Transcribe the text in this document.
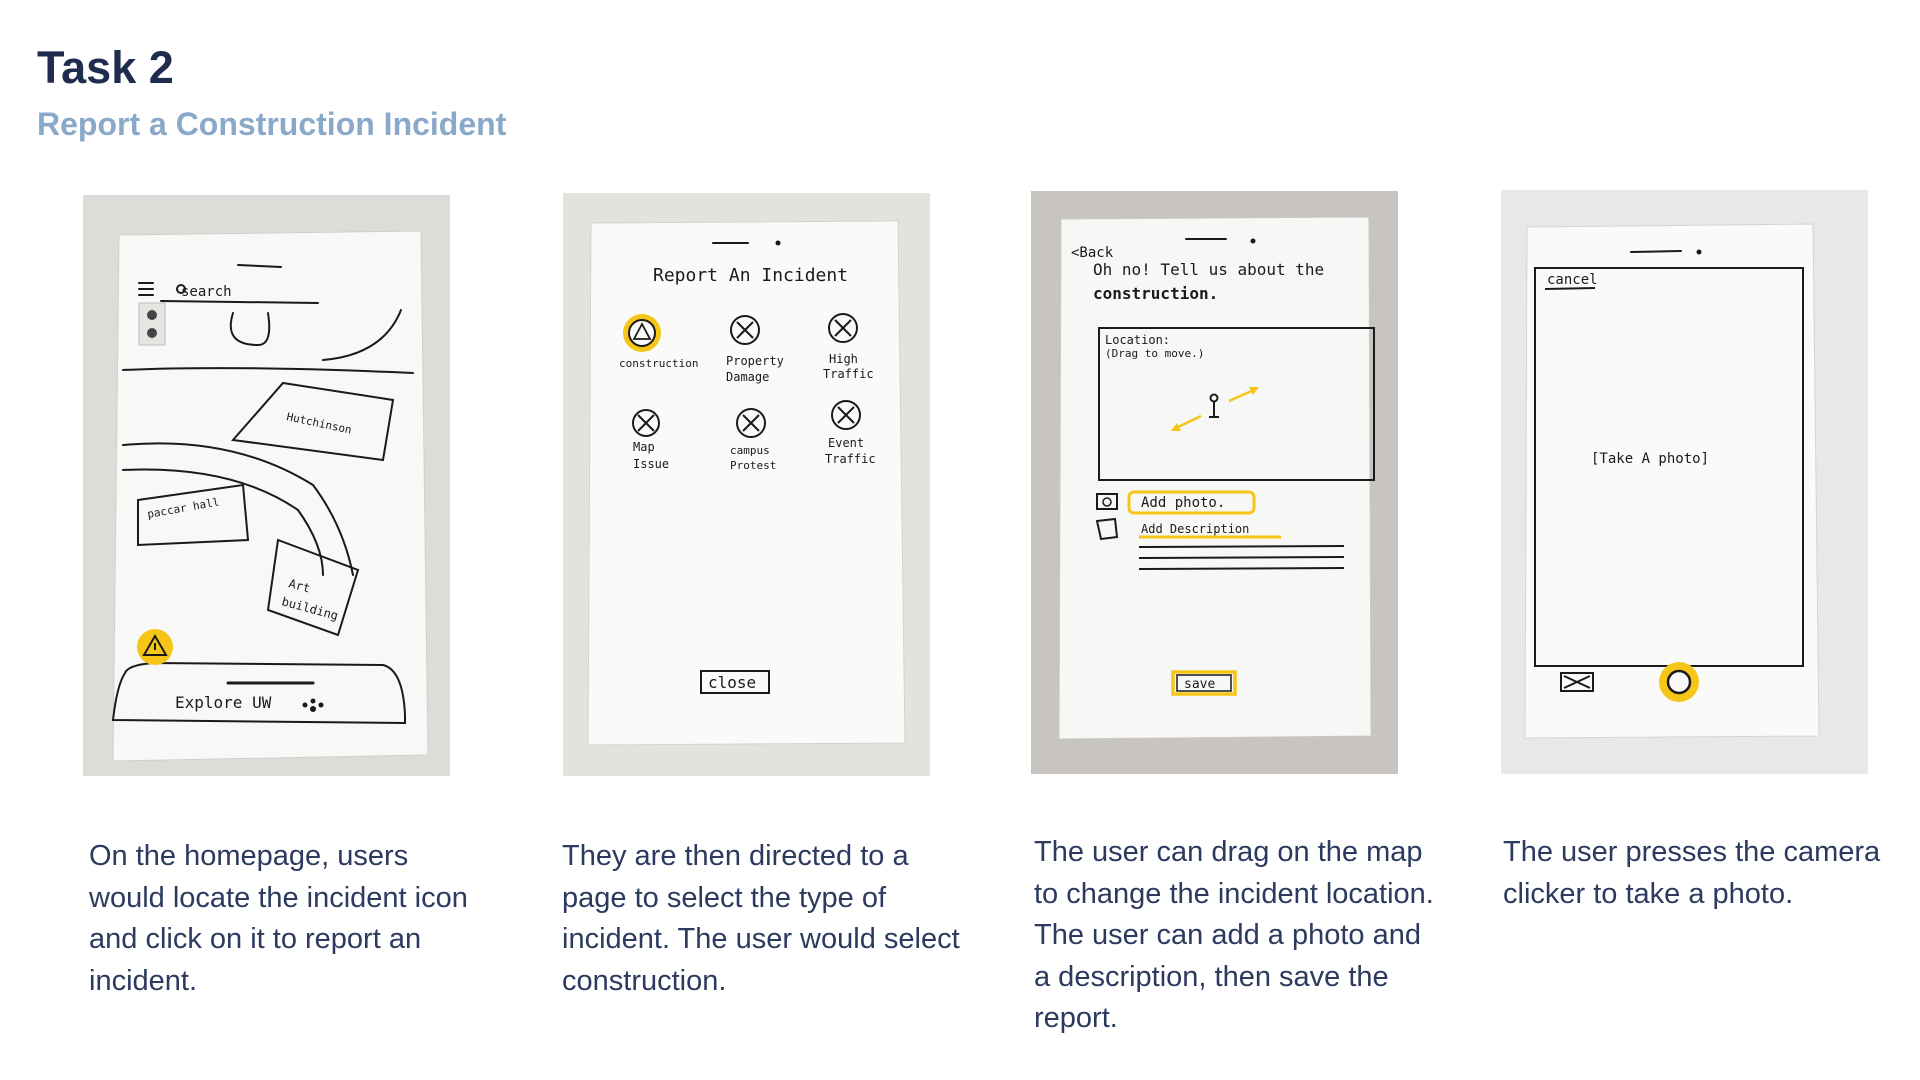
Task 2
Report a Construction Incident
search
Hutchinson
paccar hall
Art
building
Explore UW

On the homepage, users would locate the incident icon and click on it to report an incident.

Report An Incident
construction Property
Damage
High
Traffic
Map
Issue
campus
Protest
Event
Traffic
close

They are then directed to a page to select the type of incident. The user would select construction.

<Back
Oh no! Tell us about the
construction.
Location:
(Drag to move.)
Add photo.
Add Description
save

The user can drag on the map to change the incident location. The user can add a photo and a description, then save the report.

cancel
[Take A photo]

The user presses the camera clicker to take a photo.
